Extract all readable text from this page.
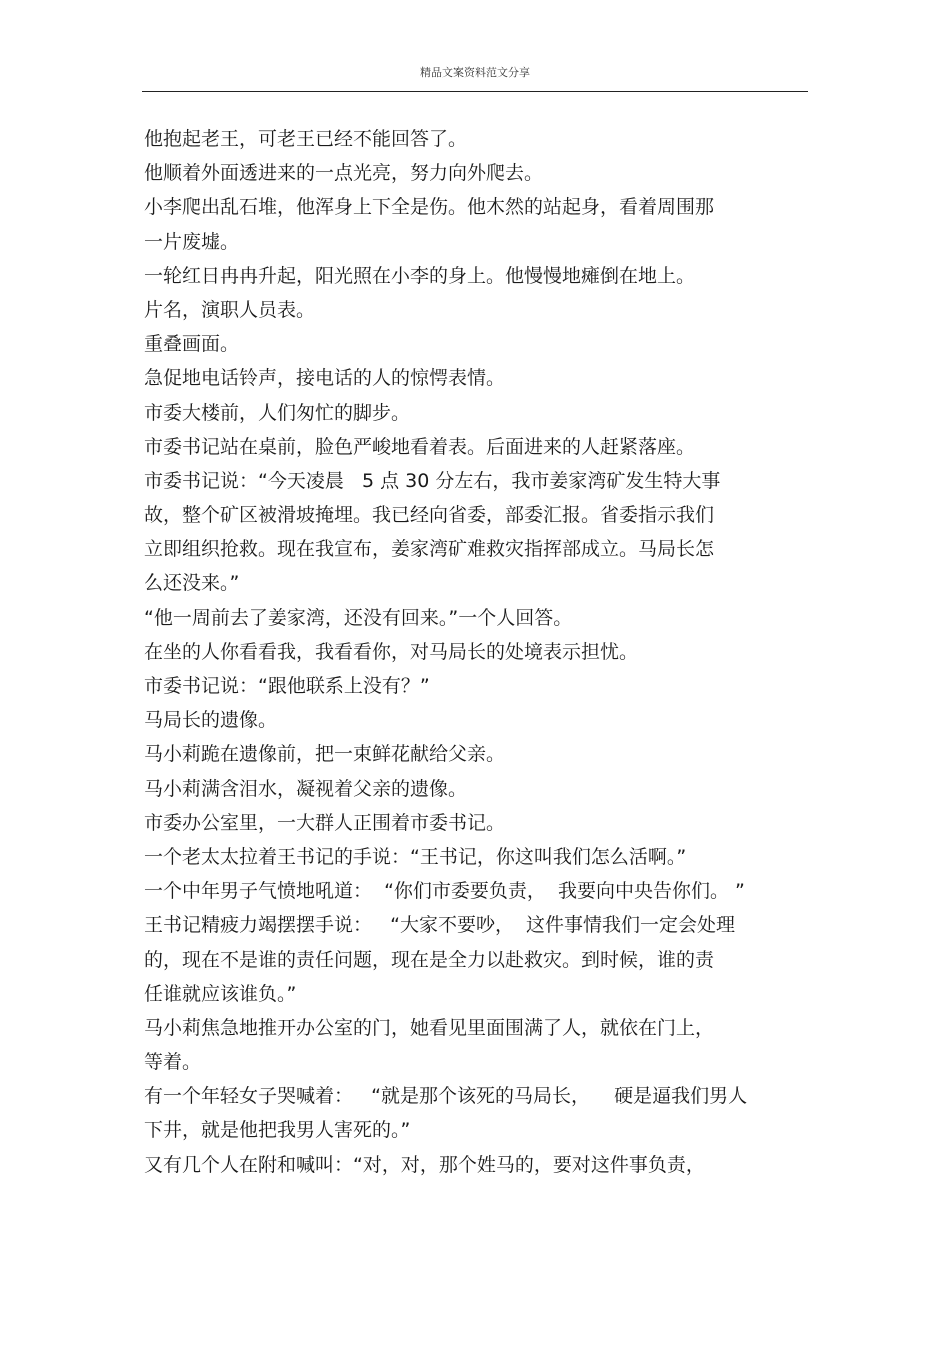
精品文案资料范文分享
他抱起老王，可老王已经不能回答了。
他顺着外面透进来的一点光亮，努力向外爬去。
小李爬出乱石堆，他浑身上下全是伤。他木然的站起身，看着周围那
一片废墟。
一轮红日冉冉升起，阳光照在小李的身上。他慢慢地瘫倒在地上。
片名，演职人员表。
重叠画面。
急促地电话铃声，接电话的人的惊愕表情。
市委大楼前，人们匆忙的脚步。
市委书记站在桌前，脸色严峻地看着表。后面进来的人赶紧落座。
市委书记说：“今天凌晨   5 点 30 分左右，我市姜家湾矿发生特大事
故，整个矿区被滑坡掩埋。我已经向省委，部委汇报。省委指示我们
立即组织抢救。现在我宣布，姜家湾矿难救灾指挥部成立。马局长怎
么还没来。”
“他一周前去了姜家湾，还没有回来。”一个人回答。
在坐的人你看看我，我看看你，对马局长的处境表示担忧。
市委书记说：“跟他联系上没有？”
马局长的遗像。
马小莉跪在遗像前，把一束鲜花献给父亲。
马小莉满含泪水，凝视着父亲的遗像。
市委办公室里，一大群人正围着市委书记。
一个老太太拉着王书记的手说：“王书记，你这叫我们怎么活啊。”
一个中年男子气愤地吼道：  “你们市委要负责，  我要向中央告你们。 ”
王书记精疲力竭摆摆手说：   “大家不要吵，  这件事情我们一定会处理
的，现在不是谁的责任问题，现在是全力以赴救灾。到时候，谁的责
任谁就应该谁负。”
马小莉焦急地推开办公室的门，她看见里面围满了人，就依在门上，
等着。
有一个年轻女子哭喊着：   “就是那个该死的马局长，    硬是逼我们男人
下井，就是他把我男人害死的。”
又有几个人在附和喊叫：“对，对，那个姓马的，要对这件事负责，
